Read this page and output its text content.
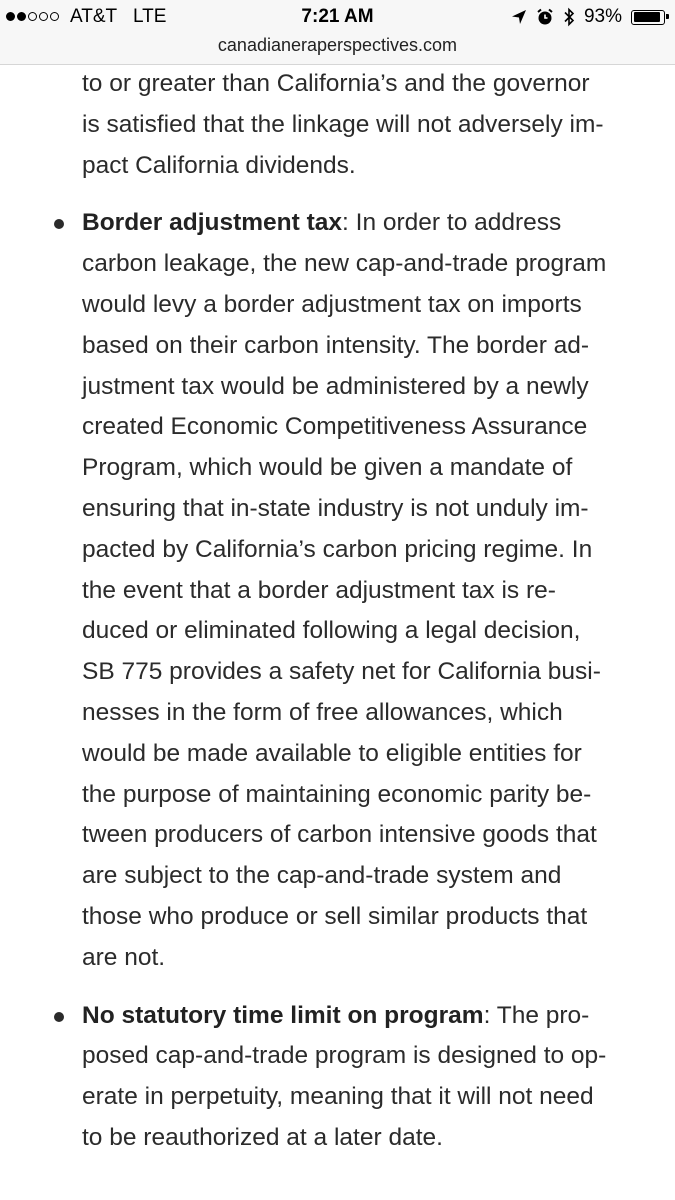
AT&T LTE	7:21 AM	93%
canadianeraperspectives.com

to or greater than California’s and the governor
is satisfied that the linkage will not adversely im-
pact California dividends.

Border adjustment tax: In order to address
carbon leakage, the new cap-and-trade program
would levy a border adjustment tax on imports
based on their carbon intensity. The border ad-
justment tax would be administered by a newly
created Economic Competitiveness Assurance
Program, which would be given a mandate of
ensuring that in-state industry is not unduly im-
pacted by California’s carbon pricing regime. In
the event that a border adjustment tax is re-
duced or eliminated following a legal decision,
SB 775 provides a safety net for California busi-
nesses in the form of free allowances, which
would be made available to eligible entities for
the purpose of maintaining economic parity be-
tween producers of carbon intensive goods that
are subject to the cap-and-trade system and
those who produce or sell similar products that
are not.

No statutory time limit on program: The pro-
posed cap-and-trade program is designed to op-
erate in perpetuity, meaning that it will not need
to be reauthorized at a later date.
